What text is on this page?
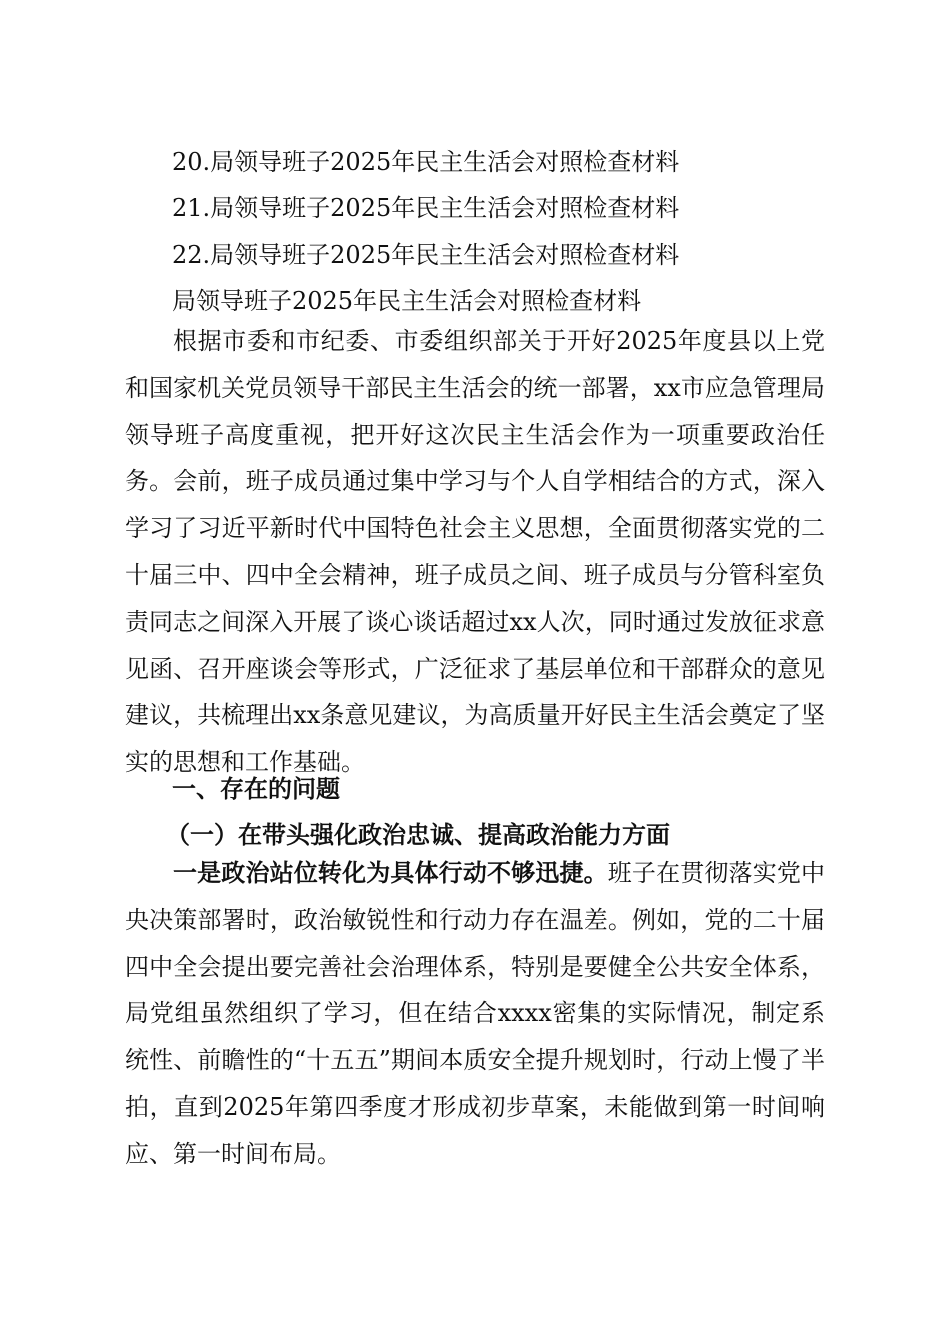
20.局领导班子2025年民主生活会对照检查材料
21.局领导班子2025年民主生活会对照检查材料
22.局领导班子2025年民主生活会对照检查材料
局领导班子2025年民主生活会对照检查材料

根据市委和市纪委、市委组织部关于开好2025年度县以上党和国家机关党员领导干部民主生活会的统一部署，xx市应急管理局领导班子高度重视，把开好这次民主生活会作为一项重要政治任务。会前，班子成员通过集中学习与个人自学相结合的方式，深入学习了习近平新时代中国特色社会主义思想，全面贯彻落实党的二十届三中、四中全会精神，班子成员之间、班子成员与分管科室负责同志之间深入开展了谈心谈话超过xx人次，同时通过发放征求意见函、召开座谈会等形式，广泛征求了基层单位和干部群众的意见建议，共梳理出xx条意见建议，为高质量开好民主生活会奠定了坚实的思想和工作基础。

一、存在的问题
（一）在带头强化政治忠诚、提高政治能力方面

一是政治站位转化为具体行动不够迅捷。班子在贯彻落实党中央决策部署时，政治敏锐性和行动力存在温差。例如，党的二十届四中全会提出要完善社会治理体系，特别是要健全公共安全体系，局党组虽然组织了学习，但在结合xxxx密集的实际情况，制定系统性、前瞻性的“十五五”期间本质安全提升规划时，行动上慢了半拍，直到2025年第四季度才形成初步草案，未能做到第一时间响应、第一时间布局。
